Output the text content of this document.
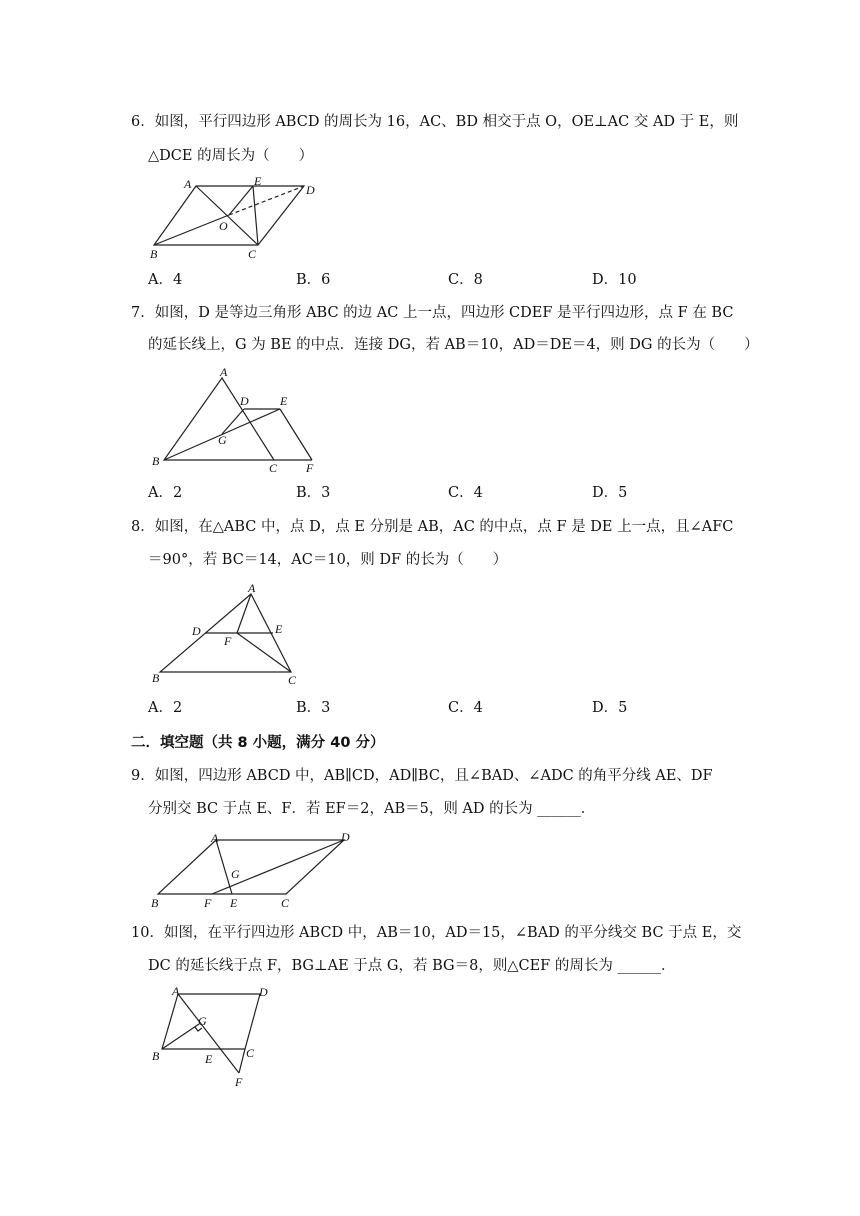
6．如图，平行四边形 ABCD 的周长为 16，AC、BD 相交于点 O，OE⊥AC 交 AD 于 E，则
△DCE 的周长为（　　）
A	E
D
O
B	C
A．4	B．6	C．8	D．10
7．如图，D 是等边三角形 ABC 的边 AC 上一点，四边形 CDEF 是平行四边形，点 F 在 BC
的延长线上，G 为 BE 的中点．连接 DG，若 AB＝10，AD＝DE＝4，则 DG 的长为（　　）
A
D	E
G
B	C F
A．2	B．3	C．4	D．5
8．如图，在△ABC 中，点 D，点 E 分别是 AB，AC 的中点，点 F 是 DE 上一点，且∠AFC
＝90°，若 BC＝14，AC＝10，则 DF 的长为（　　）
A
D	E
F
B	C
A．2	B．3	C．4	D．5
二．填空题（共 8 小题，满分 40 分）
9．如图，四边形 ABCD 中，AB∥CD，AD∥BC，且∠BAD、∠ADC 的角平分线 AE、DF
分别交 BC 于点 E、F．若 EF＝2，AB＝5，则 AD 的长为 ______．
A	D
G
B	F E	C
10．如图，在平行四边形 ABCD 中，AB＝10，AD＝15，∠BAD 的平分线交 BC 于点 E，交
DC 的延长线于点 F，BG⊥AE 于点 G，若 BG＝8，则△CEF 的周长为 ______．
A	D
G
B	E	C
F
